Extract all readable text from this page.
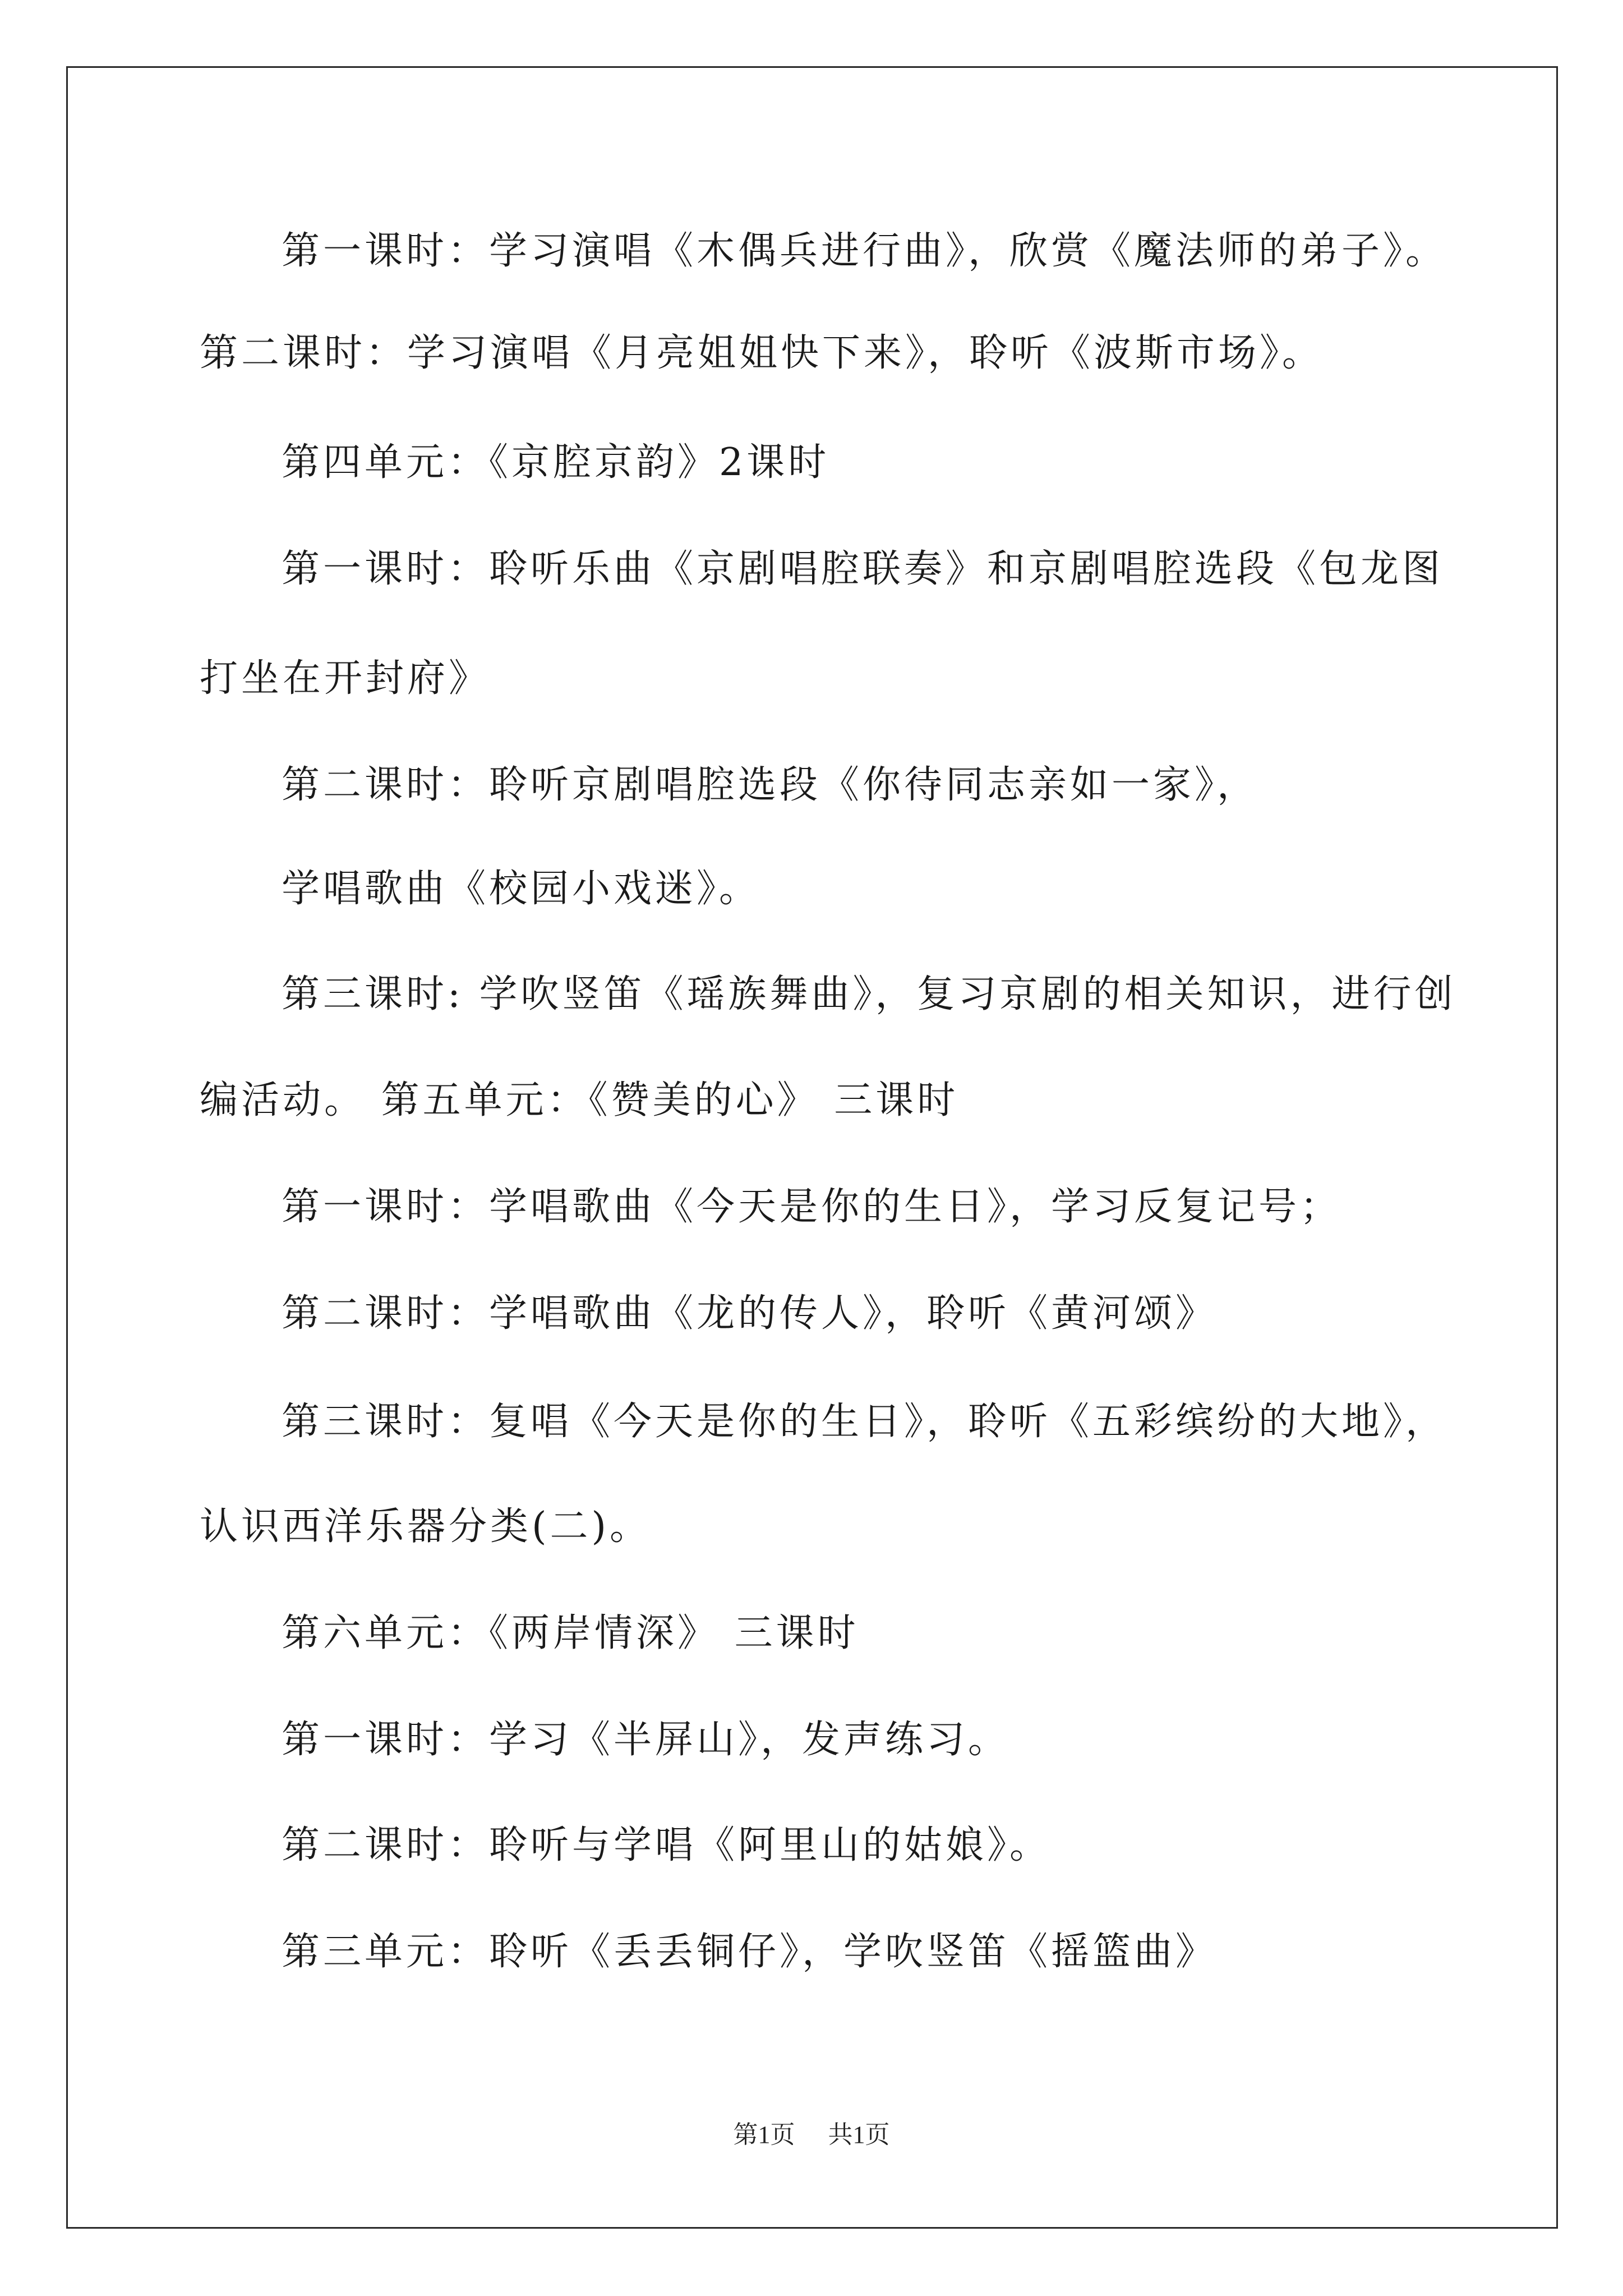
第一课时：学习演唱《木偶兵进行曲》，欣赏《魔法师的弟子》。
第二课时：学习演唱《月亮姐姐快下来》，聆听《波斯市场》。
第四单元：《京腔京韵》2课时
第一课时：聆听乐曲《京剧唱腔联奏》和京剧唱腔选段《包龙图
打坐在开封府》
第二课时：聆听京剧唱腔选段《你待同志亲如一家》，
学唱歌曲《校园小戏迷》。
第三课时: 学吹竖笛《瑶族舞曲》，复习京剧的相关知识，进行创
编活动。 第五单元：《赞美的心》 三课时
第一课时：学唱歌曲《今天是你的生日》，学习反复记号；
第二课时：学唱歌曲《龙的传人》，聆听《黄河颂》
第三课时：复唱《今天是你的生日》，聆听《五彩缤纷的大地》，
认识西洋乐器分类(二)。
第六单元：《两岸情深》 三课时
第一课时：学习《半屏山》，发声练习。
第二课时：聆听与学唱《阿里山的姑娘》。
第三单元：聆听《丢丢铜仔》，学吹竖笛《摇篮曲》
第1页 共1页
